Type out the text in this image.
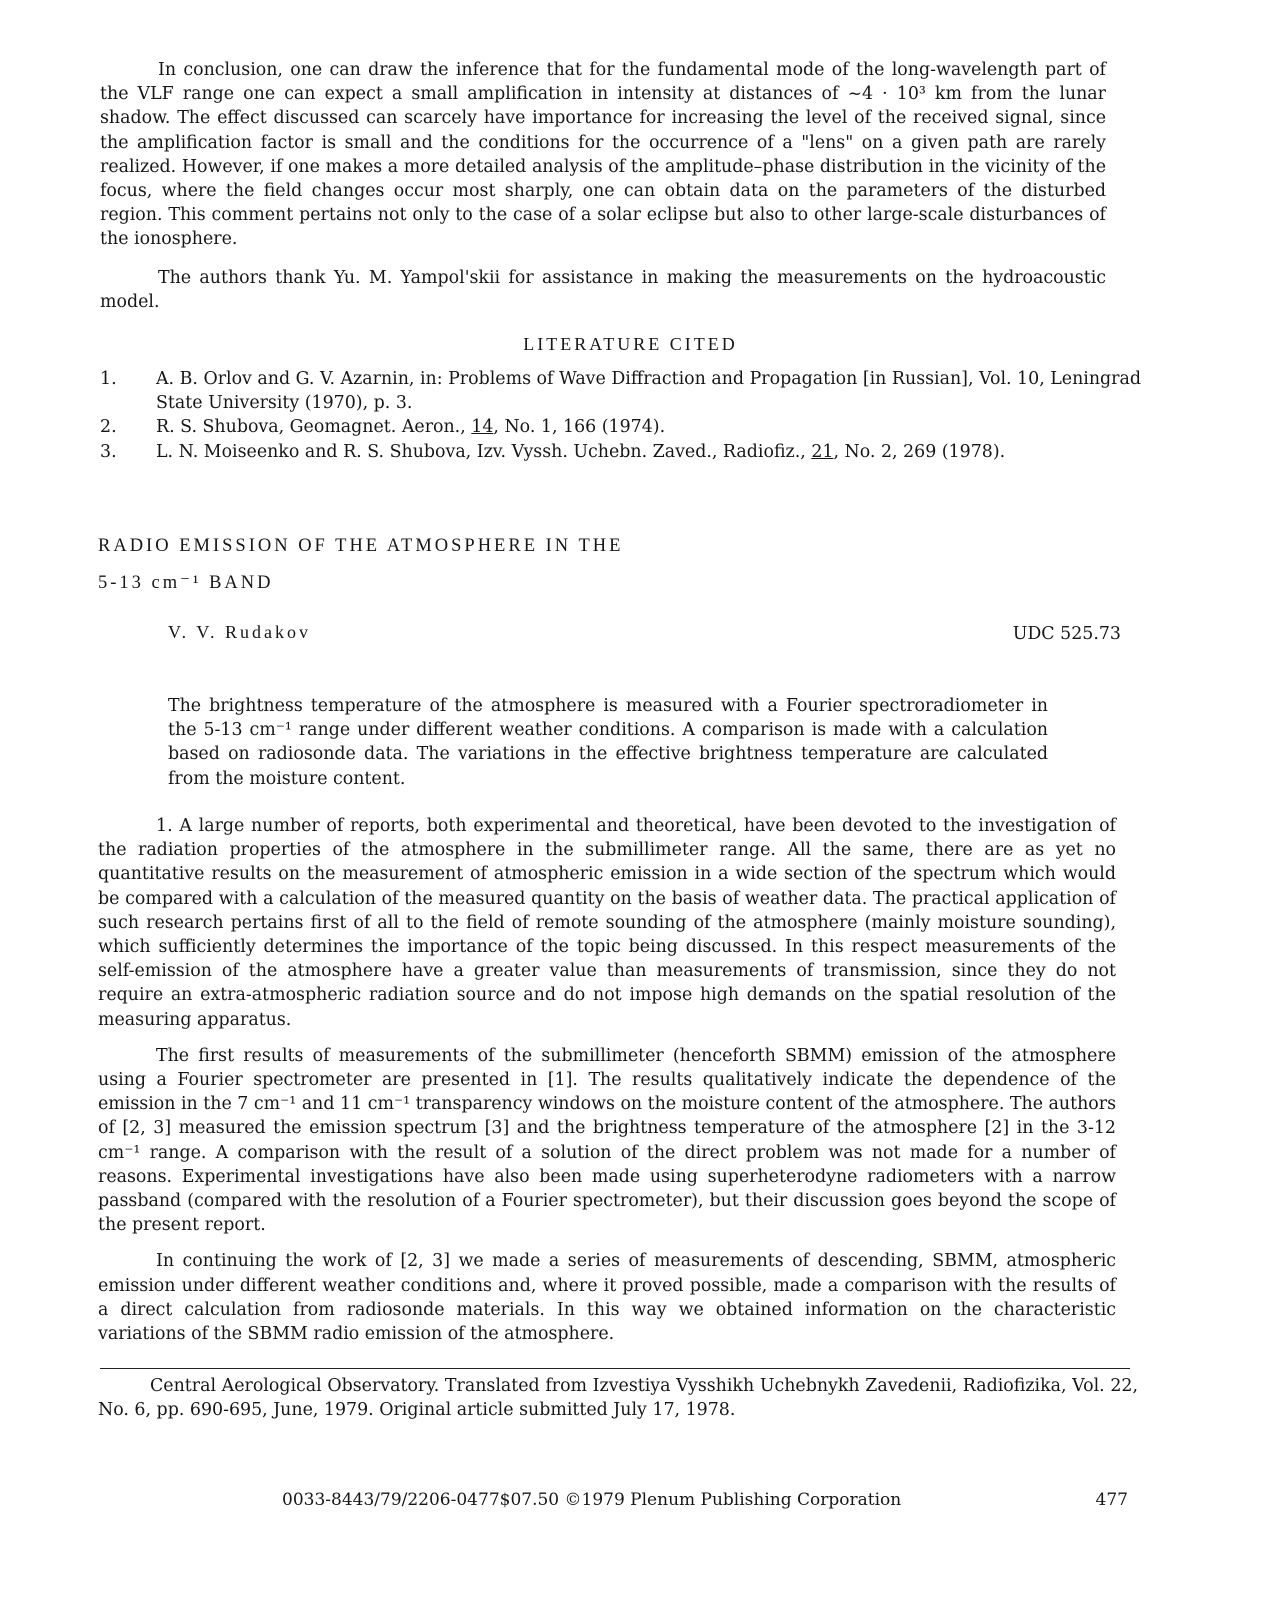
In conclusion, one can draw the inference that for the fundamental mode of the long-wavelength part of the VLF range one can expect a small amplification in intensity at distances of ~4 · 10³ km from the lunar shadow. The effect discussed can scarcely have importance for increasing the level of the received signal, since the amplification factor is small and the conditions for the occurrence of a "lens" on a given path are rarely realized. However, if one makes a more detailed analysis of the amplitude–phase distribution in the vicinity of the focus, where the field changes occur most sharply, one can obtain data on the parameters of the disturbed region. This comment pertains not only to the case of a solar eclipse but also to other large-scale disturbances of the ionosphere.

The authors thank Yu. M. Yampol'skii for assistance in making the measurements on the hydroacoustic model.

LITERATURE CITED
1.	A. B. Orlov and G. V. Azarnin, in: Problems of Wave Diffraction and Propagation [in Russian], Vol. 10, Leningrad State University (1970), p. 3.
2.	R. S. Shubova, Geomagnet. Aeron., 14, No. 1, 166 (1974).
3.	L. N. Moiseenko and R. S. Shubova, Izv. Vyssh. Uchebn. Zaved., Radiofiz., 21, No. 2, 269 (1978).
RADIO EMISSION OF THE ATMOSPHERE IN THE
5-13 cm⁻¹ BAND
V. V. Rudakov	UDC 525.73

The brightness temperature of the atmosphere is measured with a Fourier spectroradiometer in the 5-13 cm⁻¹ range under different weather conditions. A comparison is made with a calculation based on radiosonde data. The variations in the effective brightness temperature are calculated from the moisture content.

1. A large number of reports, both experimental and theoretical, have been devoted to the investigation of the radiation properties of the atmosphere in the submillimeter range. All the same, there are as yet no quantitative results on the measurement of atmospheric emission in a wide section of the spectrum which would be compared with a calculation of the measured quantity on the basis of weather data. The practical application of such research pertains first of all to the field of remote sounding of the atmosphere (mainly moisture sounding), which sufficiently determines the importance of the topic being discussed. In this respect measurements of the self-emission of the atmosphere have a greater value than measurements of transmission, since they do not require an extra-atmospheric radiation source and do not impose high demands on the spatial resolution of the measuring apparatus.

The first results of measurements of the submillimeter (henceforth SBMM) emission of the atmosphere using a Fourier spectrometer are presented in [1]. The results qualitatively indicate the dependence of the emission in the 7 cm⁻¹ and 11 cm⁻¹ transparency windows on the moisture content of the atmosphere. The authors of [2, 3] measured the emission spectrum [3] and the brightness temperature of the atmosphere [2] in the 3-12 cm⁻¹ range. A comparison with the result of a solution of the direct problem was not made for a number of reasons. Experimental investigations have also been made using superheterodyne radiometers with a narrow passband (compared with the resolution of a Fourier spectrometer), but their discussion goes beyond the scope of the present report.

In continuing the work of [2, 3] we made a series of measurements of descending, SBMM, atmospheric emission under different weather conditions and, where it proved possible, made a comparison with the results of a direct calculation from radiosonde materials. In this way we obtained information on the characteristic variations of the SBMM radio emission of the atmosphere.

Central Aerological Observatory. Translated from Izvestiya Vysshikh Uchebnykh Zavedenii, Radiofizika, Vol. 22, No. 6, pp. 690-695, June, 1979. Original article submitted July 17, 1978.

0033-8443/79/2206-0477$07.50 ©1979 Plenum Publishing Corporation	477
